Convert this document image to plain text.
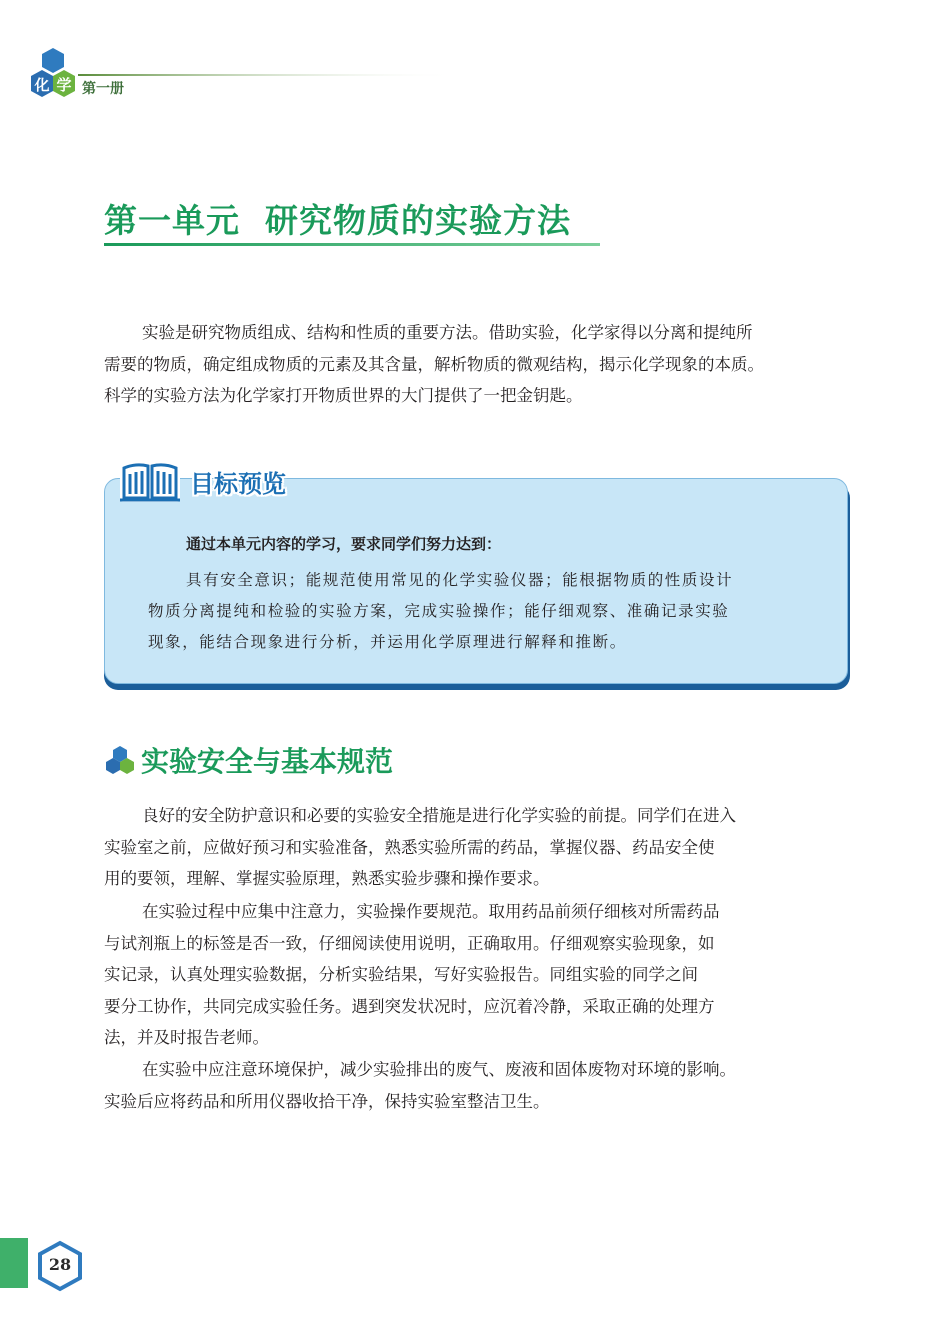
化 学 第一册
第一单元  研究物质的实验方法
实验是研究物质组成、结构和性质的重要方法。借助实验，化学家得以分离和提纯所
需要的物质，确定组成物质的元素及其含量，解析物质的微观结构，揭示化学现象的本质。
科学的实验方法为化学家打开物质世界的大门提供了一把金钥匙。
目标预览
通过本单元内容的学习，要求同学们努力达到：
具有安全意识；能规范使用常见的化学实验仪器；能根据物质的性质设计
物质分离提纯和检验的实验方案，完成实验操作；能仔细观察、准确记录实验
现象，能结合现象进行分析，并运用化学原理进行解释和推断。
实验安全与基本规范
良好的安全防护意识和必要的实验安全措施是进行化学实验的前提。同学们在进入
实验室之前，应做好预习和实验准备，熟悉实验所需的药品，掌握仪器、药品安全使
用的要领，理解、掌握实验原理，熟悉实验步骤和操作要求。
在实验过程中应集中注意力，实验操作要规范。取用药品前须仔细核对所需药品
与试剂瓶上的标签是否一致，仔细阅读使用说明，正确取用。仔细观察实验现象，如
实记录，认真处理实验数据，分析实验结果，写好实验报告。同组实验的同学之间
要分工协作，共同完成实验任务。遇到突发状况时，应沉着冷静，采取正确的处理方
法，并及时报告老师。
在实验中应注意环境保护，减少实验排出的废气、废液和固体废物对环境的影响。
实验后应将药品和所用仪器收拾干净，保持实验室整洁卫生。
28
